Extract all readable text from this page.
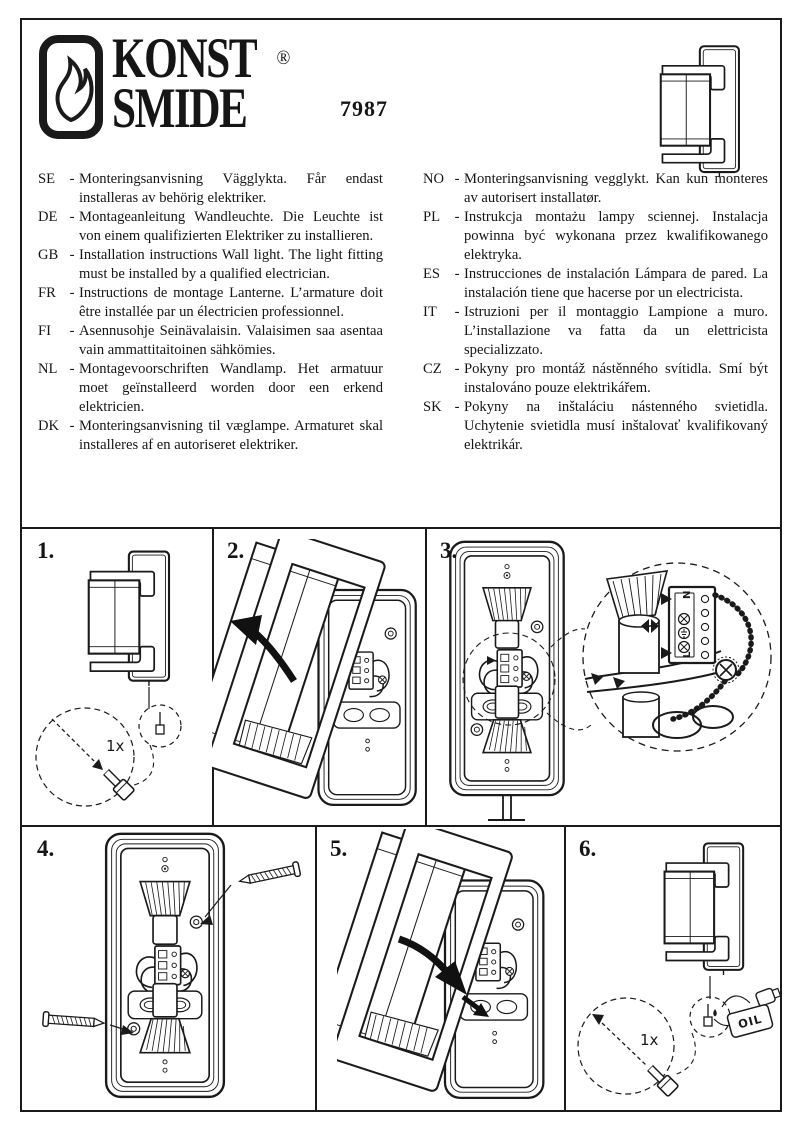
KONST
SMIDE
®
7987
SE - Monteringsanvisning Vägglykta. Får endast installeras av behörig elektriker.
DE - Montageanleitung Wandleuchte. Die Leuchte ist von einem qualifizierten Elektriker zu installieren.
GB - Installation instructions Wall light. The light fitting must be installed by a qualified electrician.
FR - Instructions de montage Lanterne. L’armature doit être installée par un électricien professionnel.
FI	- Asennusohje Seinävalaisin. Valaisimen saa asentaa vain ammattitaitoinen sähkömies.
NL - Montagevoorschriften Wandlamp. Het armatuur moet geïnstalleerd worden door een erkend elektricien.
DK - Monteringsanvisning til væglampe. Armaturet skal installeres af en autoriseret elektriker.
NO - Monteringsanvisning vegglykt. Kan kun monteres av autorisert installatør.
PL - Instrukcja montażu lampy sciennej. Instalacja powinna być wykonana przez kwalifikowanego elektryka.
ES - Instrucciones de instalación Lámpara de pared. La instalación tiene que hacerse por un electricista.
IT	- Istruzioni per il montaggio Lampione a muro. L’installazione va fatta da un elettricista specializzato.
CZ - Pokyny pro montáž nástěnného svítidla. Smí být instalováno pouze elektrikářem.
SK - Pokyny na inštaláciu nástenného svietidla. Uchytenie svietidla musí inštalovať kvalifikovaný elektrikár.
1.
1x
2.	3.
N
L
4.	5.	6.
OIL
1x
